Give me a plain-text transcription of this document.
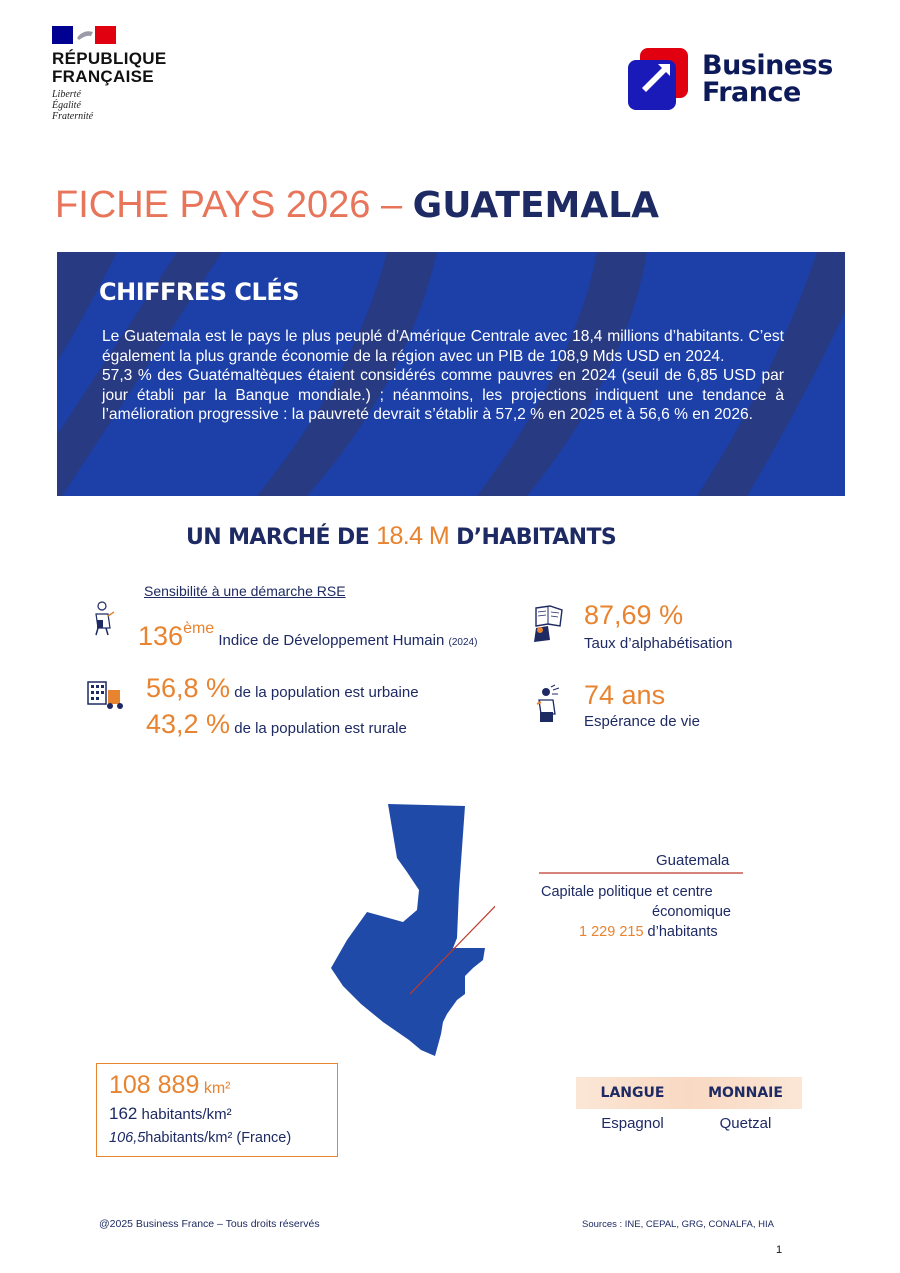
RÉPUBLIQUE
FRANÇAISE
Liberté
Égalité
Fraternité
Business
France
FICHE PAYS 2026 – GUATEMALA
CHIFFRES CLÉS

Le Guatemala est le pays le plus peuplé d’Amérique Centrale avec 18,4 millions d’habitants. C’est également la plus grande économie de la région avec un PIB de 108,9 Mds USD en 2024.

57,3 % des Guatémaltèques étaient considérés comme pauvres en 2024 (seuil de 6,85 USD par jour établi par la Banque mondiale.) ; néanmoins, les projections indiquent une tendance à l’amélioration progressive : la pauvreté devrait s’établir à 57,2 % en 2025 et à 56,6 % en 2026.

UN MARCHÉ DE 18.4 M D’HABITANTS
Sensibilité à une démarche RSE
136ème Indice de Développement Humain (2024)
56,8 % de la population est urbaine
43,2 % de la population est rurale
87,69 %
Taux d’alphabétisation
74 ans
Espérance de vie
Guatemala
Capitale politique et centre
économique
1 229 215 d’habitants
108 889 km²
162 habitants/km²
106,5habitants/km² (France)
LANGUE	MONNAIE
Espagnol	Quetzal
@2025 Business France – Tous droits réservés	Sources : INE, CEPAL, GRG, CONALFA, HIA
1
